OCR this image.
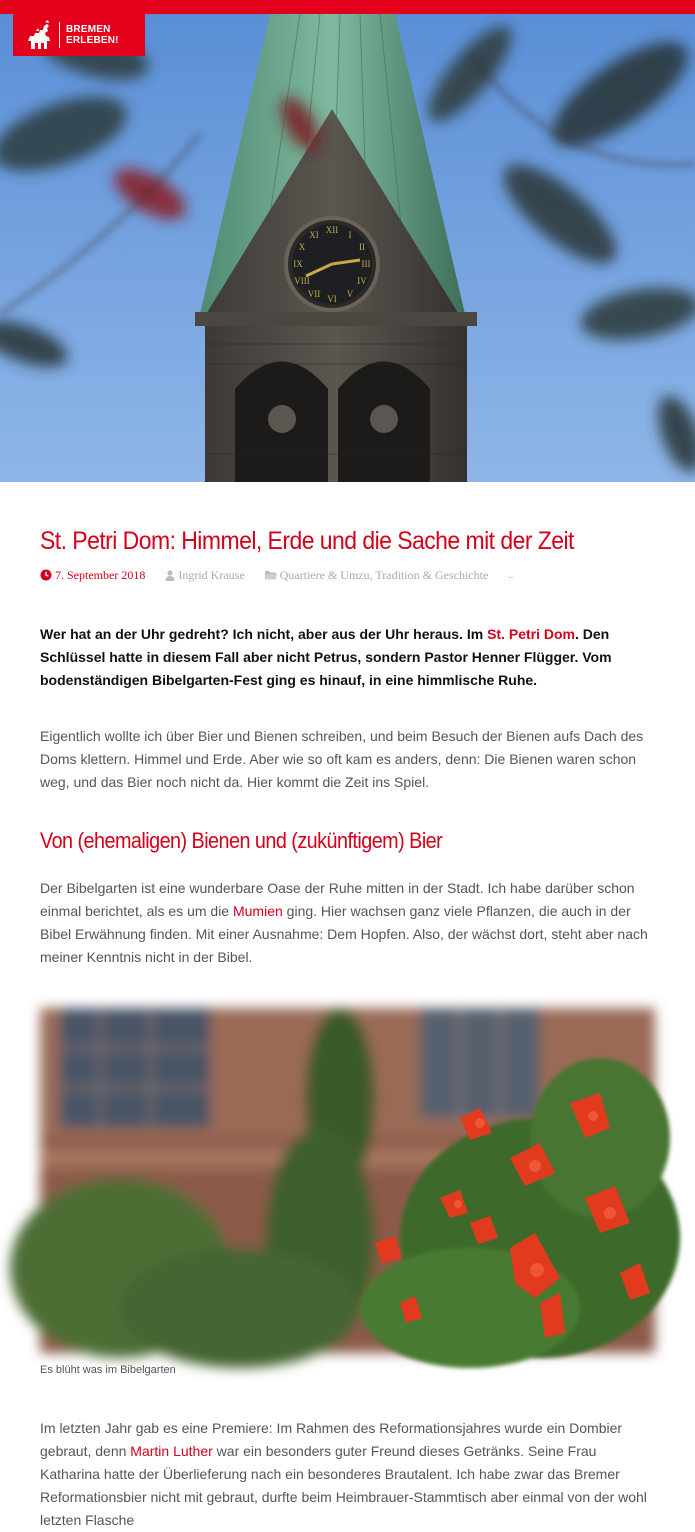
BREMEN
ERLEBEN!
XII
VI
IX	III
I
II
IV
V
VII
VIII
X
XI
St. Petri Dom: Himmel, Erde und die Sache mit der Zeit
7. September 2018	Ingrid Krause	Quartiere & Umzu, Tradition & Geschichte ..

Wer hat an der Uhr gedreht? Ich nicht, aber aus der Uhr heraus. Im St. Petri Dom. Den Schlüssel hatte in diesem Fall aber nicht Petrus, sondern Pastor Henner Flügger. Vom bodenständigen Bibelgarten-Fest ging es hinauf, in eine himmlische Ruhe.

Eigentlich wollte ich über Bier und Bienen schreiben, und beim Besuch der Bienen aufs Dach des Doms klettern. Himmel und Erde. Aber wie so oft kam es anders, denn: Die Bienen waren schon weg, und das Bier noch nicht da. Hier kommt die Zeit ins Spiel.

Von (ehemaligen) Bienen und (zukünftigem) Bier

Der Bibelgarten ist eine wunderbare Oase der Ruhe mitten in der Stadt. Ich habe darüber schon einmal berichtet, als es um die Mumien ging. Hier wachsen ganz viele Pflanzen, die auch in der Bibel Erwähnung finden. Mit einer Ausnahme: Dem Hopfen. Also, der wächst dort, steht aber nach meiner Kenntnis nicht in der Bibel.

Es blüht was im Bibelgarten

Im letzten Jahr gab es eine Premiere: Im Rahmen des Reformationsjahres wurde ein Dombier gebraut, denn Martin Luther war ein besonders guter Freund dieses Getränks. Seine Frau Katharina hatte der Überlieferung nach ein besonderes Brautalent. Ich habe zwar das Bremer Reformationsbier nicht mit gebraut, durfte beim Heimbrauer-Stammtisch aber einmal von der wohl letzten Flasche
